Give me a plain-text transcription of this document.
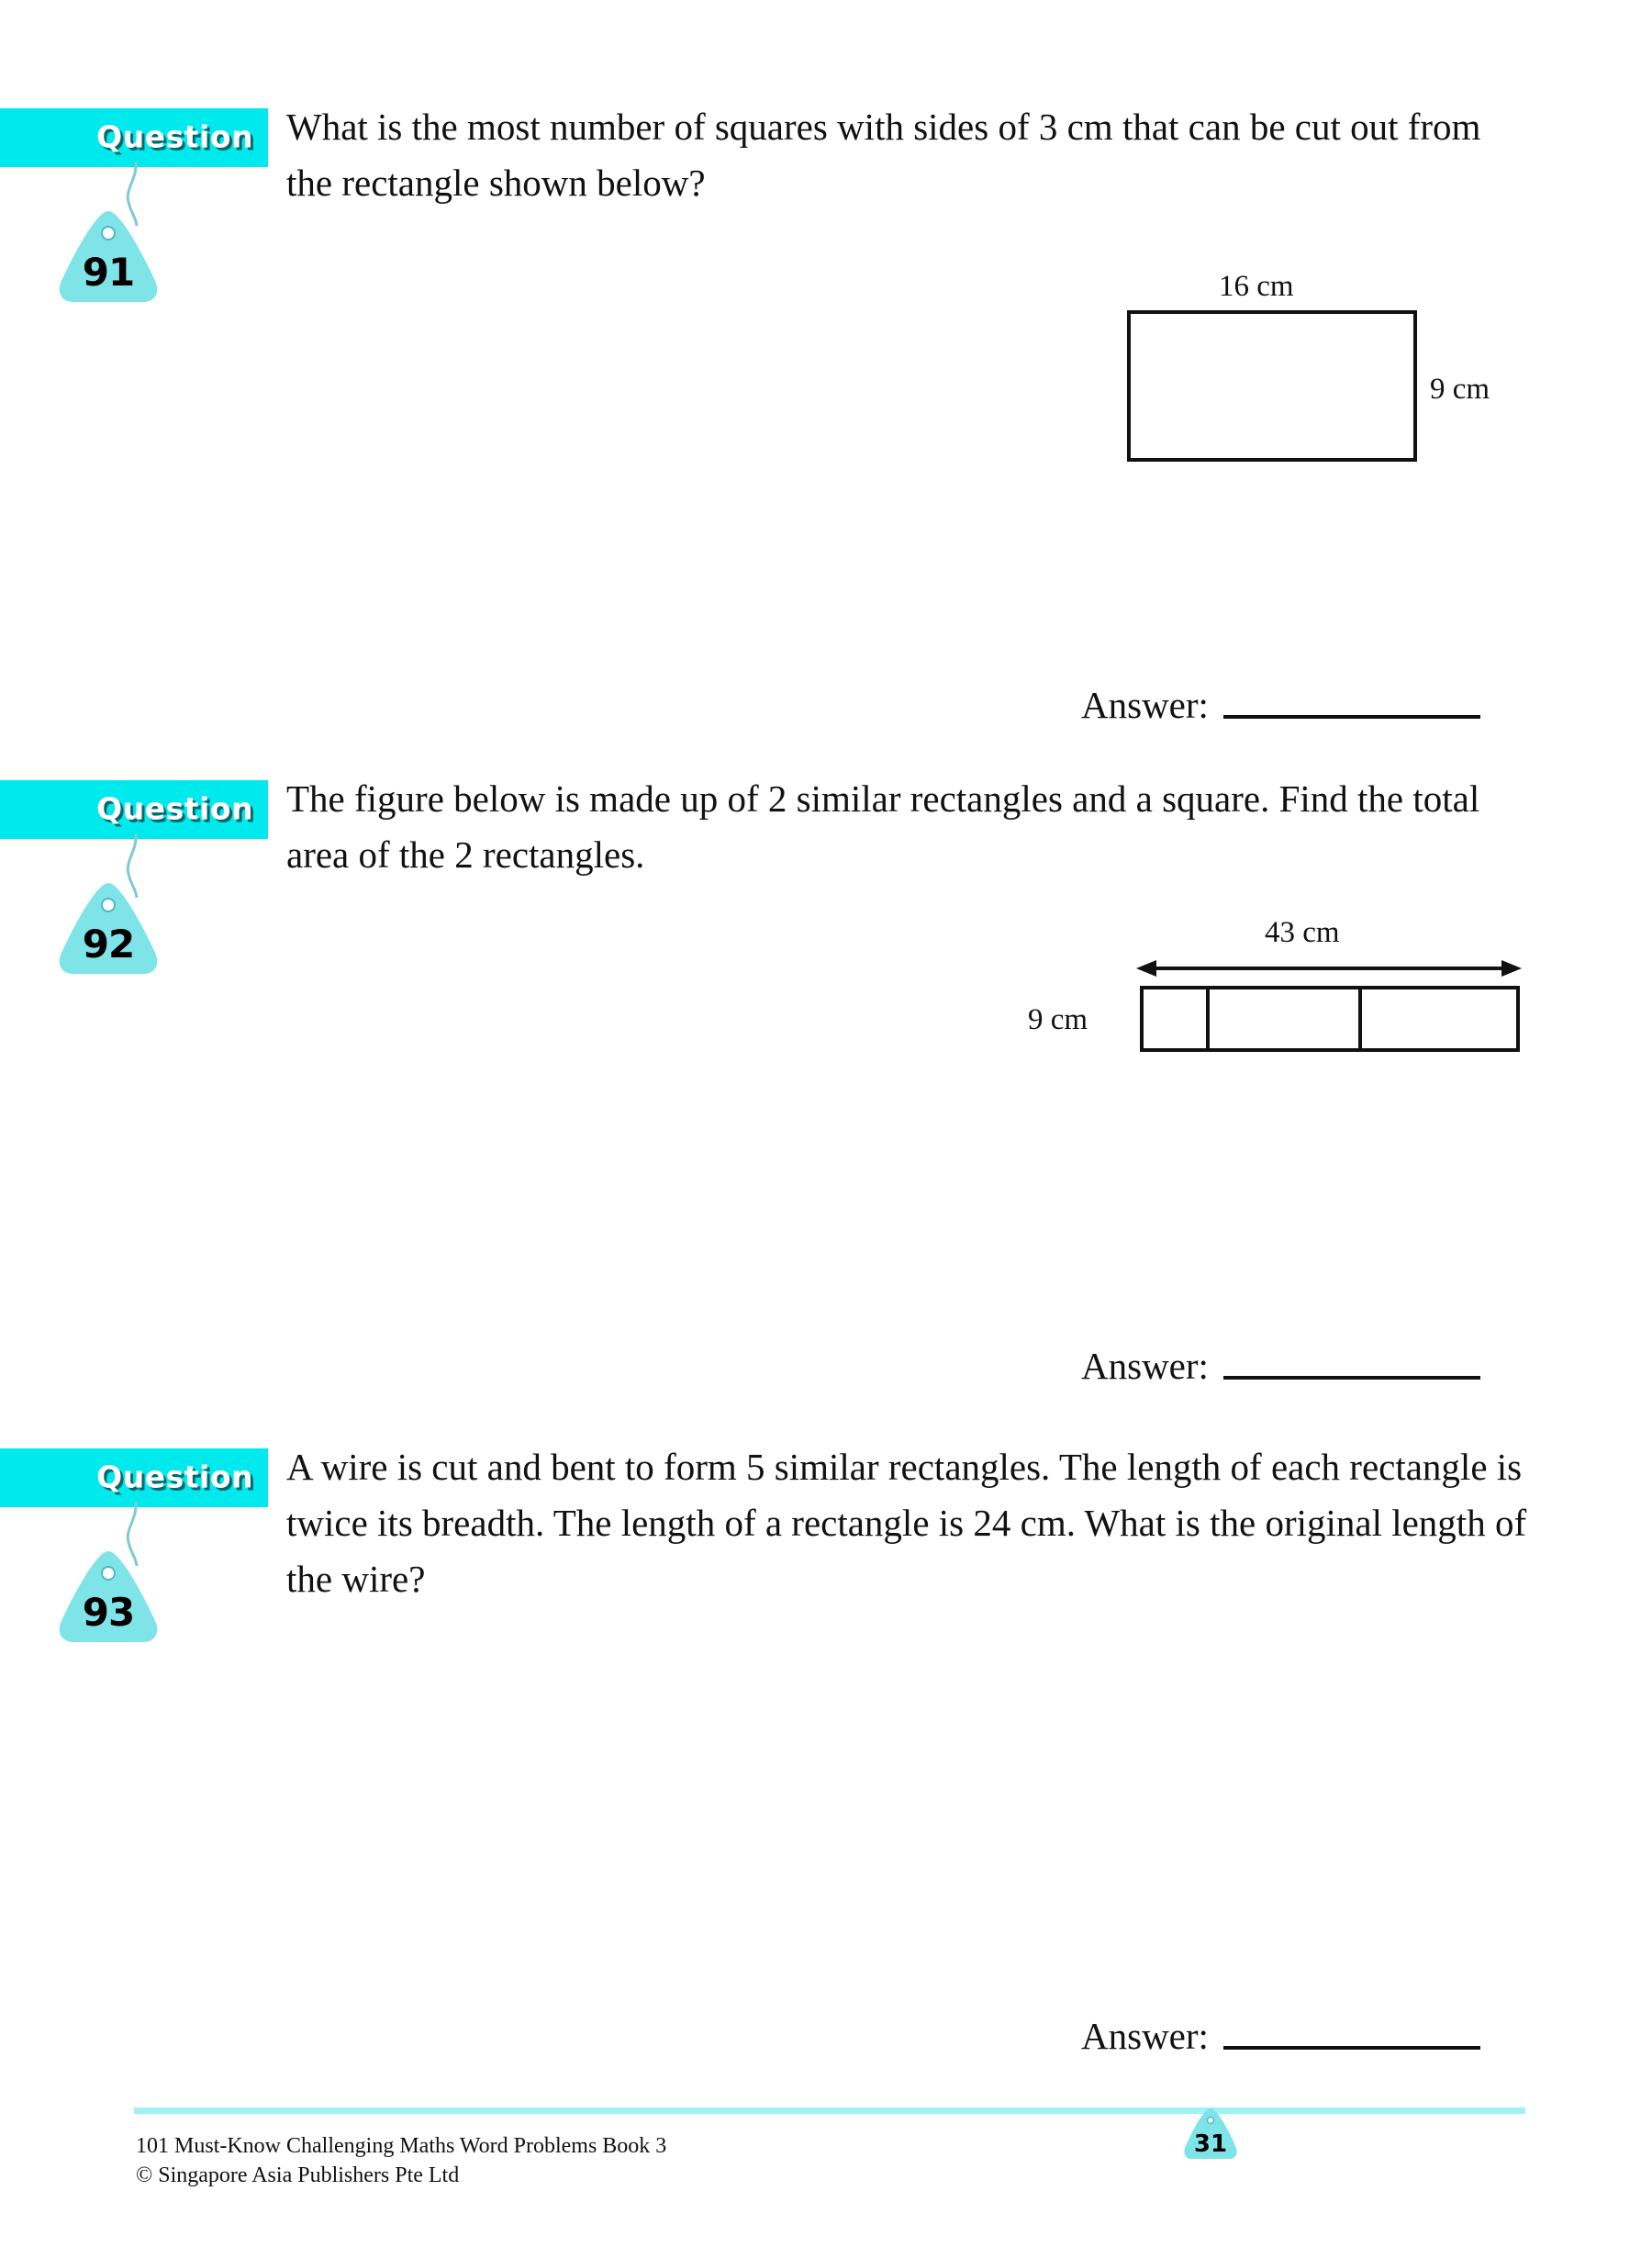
Question
91
What is the most number of squares with sides of 3 cm that can be cut out from the rectangle shown below?
16 cm
9 cm
Answer:
Question
92
The figure below is made up of 2 similar rectangles and a square. Find the total area of the 2 rectangles.
43 cm
9 cm
Answer:
Question
93
A wire is cut and bent to form 5 similar rectangles. The length of each rectangle is twice its breadth. The length of a rectangle is 24 cm. What is the original length of the wire?
Answer:
101 Must-Know Challenging Maths Word Problems Book 3
© Singapore Asia Publishers Pte Ltd
31
